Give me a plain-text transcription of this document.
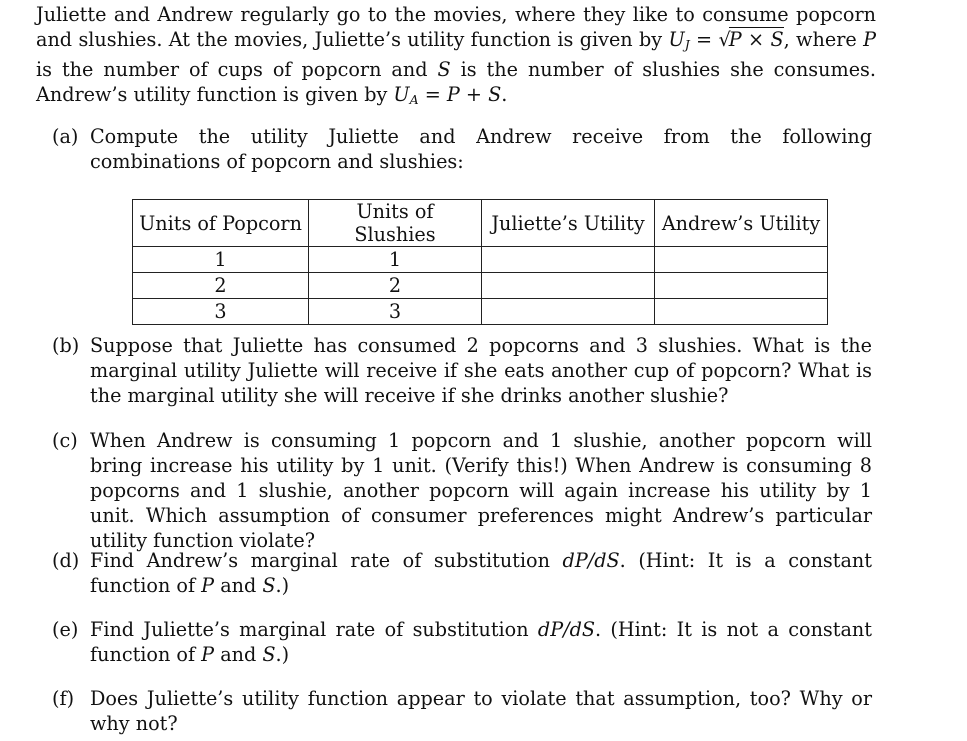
Juliette and Andrew regularly go to the movies, where they like to consume popcorn and slushies. At the movies, Juliette’s utility function is given by $U_J = √P \times S$, where P is the number of cups of popcorn and S is the number of slushies she consumes. Andrew’s utility function is given by $U_A = P + S$.
(a) Compute the utility Juliette and Andrew receive from the following combinations of popcorn and slushies:
Units of Popcorn	Units of Slushies	Juliette’s Utility	Andrew’s Utility
1	1		
2	2		
3	3		
(b) Suppose that Juliette has consumed 2 popcorns and 3 slushies. What is the marginal utility Juliette will receive if she eats another cup of popcorn? What is the marginal utility she will receive if she drinks another slushie?
(c) When Andrew is consuming 1 popcorn and 1 slushie, another popcorn will bring increase his utility by 1 unit. (Verify this!) When Andrew is consuming 8 popcorns and 1 slushie, another popcorn will again increase his utility by 1 unit. Which assumption of consumer preferences might Andrew’s particular utility function violate?
(d) Find Andrew’s marginal rate of substitution dP/dS. (Hint: It is a constant function of P and S.)
(e) Find Juliette’s marginal rate of substitution dP/dS. (Hint: It is not a constant function of P and S.)
(f) Does Juliette’s utility function appear to violate that assumption, too? Why or why not?
